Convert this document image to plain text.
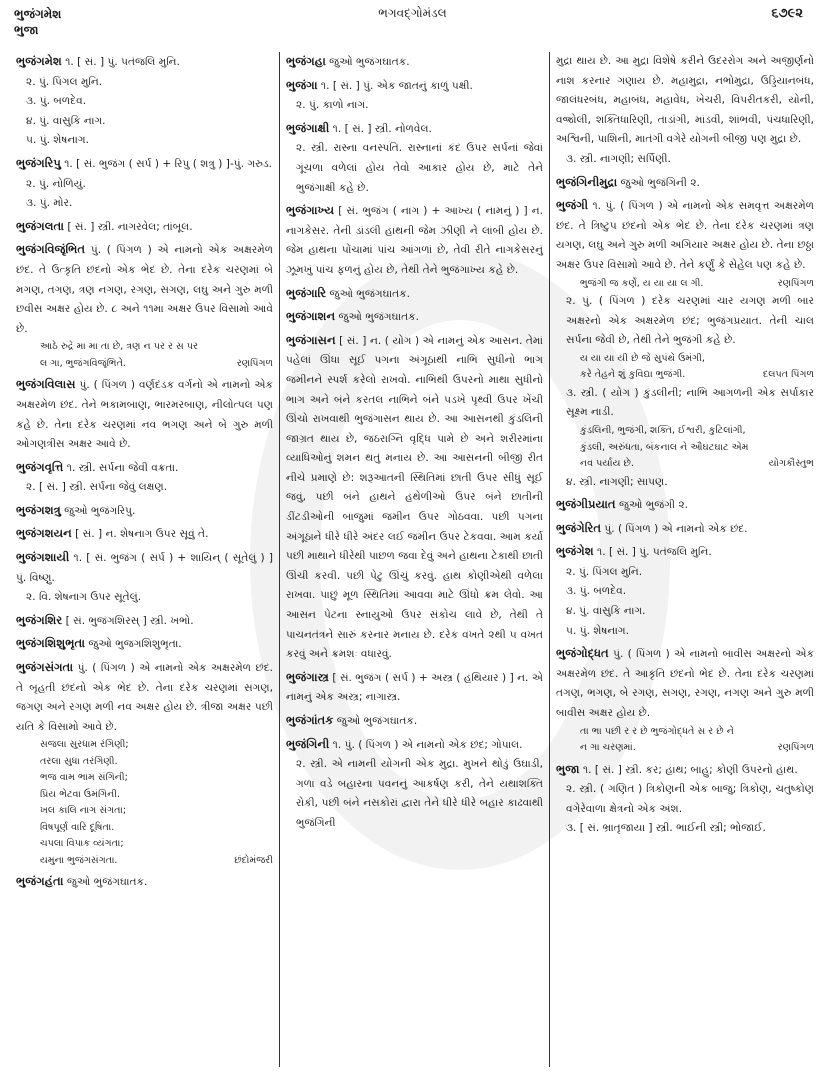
ભુજંગમેશ
ભુજા
ભગવદ્ગોમંડલ	૬૭૯૨
ભુજંગમેશ ૧. [ સં. ] પું. પતંજલિ મુનિ.
૨. પું. પિંગલ મુનિ.
૩. પું. બળદેવ.
૪. પું. વાસુકિ નાગ.
૫. પું. શેષનાગ.
ભુજંગરિપુ ૧. [ સં. ભુજંગ ( સર્પ ) + રિપુ ( શત્રુ ) ]-પું. ગરુડ.
૨. પું. નોળિયું.
૩. પું. મોર.
ભુજંગલતા [ સં. ] સ્ત્રી. નાગરવેલ; તાંબૂલ.
ભુજંગવિજૃંભિત પું. ( પિંગળ ) એ નામનો એક અક્ષરમેળ છંદ. તે ઉત્કૃતિ છંદનો એક ભેદ છે. તેના દરેક ચરણમાં બે મગણ, તગણ, ત્રણ નગણ, રગણ, સગણ, લઘુ અને ગુરુ મળી છવીસ અક્ષર હોય છે. ૮ અને ૧૧મા અક્ષર ઉપર વિસામો આવે છે.
આઠે રુદ્રે મા મા તા છે, ત્રણ ન પર ર સ પર
લ ગા, ભુજંગવિજૃંભિતે.	રણપિંગળ
ભુજંગવિલાસ પું. ( પિંગળ ) વર્ણદંડક વર્ગનો એ નામનો એક અક્ષરમેળ છંદ. તેને ભકામબાણ, ભારમરબાણ, નીલોત્પલ પણ કહે છે. તેના દરેક ચરણમાં નવ ભગણ અને બે ગુરુ મળી ઓગણત્રીસ અક્ષર આવે છે.
ભુજંગવૃત્તિ ૧. સ્ત્રી. સર્પના જેવી વક્રતા.
૨. [ સં. ] સ્ત્રી. સર્પના જેવું લક્ષણ.
ભુજંગશત્રુ જુઓ ભુજંગરિપુ.
ભુજંગશયન [ સં. ] ન. શેષનાગ ઉપર સૂવું તે.
ભુજંગશાયી ૧. [ સં. ભુજંગ ( સર્પ ) + શાયિન્ ( સૂતેલું ) ] પું. વિષ્ણુ.
૨. વિ. શેષનાગ ઉપર સૂતેલું.
ભુજંગશિર [ સં. ભુજંગશિરસ્ ] સ્ત્રી. ખભો.
ભુજંગશિશુભૃતા જુઓ ભુજગશિશુભૃતા.
ભુજંગસંગતા પું. ( પિંગળ ) એ નામનો એક અક્ષરમેળ છંદ. તે બૃહતી છંદનો એક ભેદ છે. તેના દરેક ચરણમાં સગણ, જગણ અને રગણ મળી નવ અક્ષર હોય છે. ત્રીજા અક્ષર પછી યતિ કે વિસામો આવે છે.
સજલા સુરધામ રંગિણી;
તરલા સુધા તરંગિણી.
ભજ વામ ભામ સંગિની;
પ્રિય ભેટવા ઉમંગિની.
ખલ કાલિ નાગ સંગતા;
વિષપૂર્ણ વારિ દૂષિતા.
ચપલા વિપાક વ્યંગતા;
યમુના ભુજંગસંગતા.	છંદોમંજરી
ભુજંગહંતા જુઓ ભુજંગઘાતક.
ભુજંગહા જુઓ ભુજંગઘાતક.
ભુજંગા ૧. [ સં. ] પું. એક જાતનું કાળું પક્ષી.
૨. પું. કાળો નાગ.
ભુજંગાક્ષી ૧. [ સં. ] સ્ત્રી. નોળવેલ.
૨. સ્ત્રી. રાસ્ના વનસ્પતિ. રાસ્નાનાં કંદ ઉપર સર્પનાં જેવાં ગૂંચળા વળેલાં હોય તેવો આકાર હોય છે, માટે તેને ભુજંગાક્ષી કહે છે.
ભુજંગાખ્ય [ સં. ભુજંગ ( નાગ ) + આખ્ય ( નામનું ) ] ન. નાગકેસર. તેની ડાંડલી હાથની જેમ ઝીણી ને લાંબી હોય છે. જેમ હાથના પોંચામાં પાંચ આંગળાં છે, તેવી રીતે નાગકેસરનું ઝૂમખું પાંચ ફળનું હોય છે, તેથી તેને ભુજંગાખ્ય કહે છે.
ભુજંગારિ જુઓ ભુજંગઘાતક.
ભુજંગાશન જુઓ ભુજંગઘાતક.
ભુજંગાસન [ સં. ] ન. ( યોગ ) એ નામનું એક આસન. તેમાં પહેલાં ઊંધા સૂઈ પગના અંગૂઠાથી નાભિ સુધીનો ભાગ જમીનને સ્પર્શ કરેલો રાખવો. નાભિથી ઉપરનો માથા સુધીનો ભાગ અને બંને કરતલ નાભિને બંને પડખે પૃથ્વી ઉપર ખેંચી ઊંચો રાખવાથી ભુજંગાસન થાય છે. આ આસનથી કુંડલિની જાગ્રત થાય છે, જઠરાગ્નિ વૃદ્ધિ પામે છે અને શરીરમાંના વ્યાધિઓનું શમન થતું મનાય છે. આ આસનની બીજી રીત નીચે પ્રમાણે છે: શરૂઆતની સ્થિતિમાં છાતી ઉપર સીધું સૂઈ જવું, પછી બંને હાથને હથેળીઓ ઉપર બંને છાતીની ડીંટડીઓની બાજુમાં જમીન ઉપર ગોઠવવા. પછી પગના અંગૂઠાને ધીરે ધીરે અંદર લઈ જમીન ઉપર ટેકવવા. આમ કર્યા પછી માથાને ધીરેથી પાછળ જવા દેવું અને હાથના ટેકાથી છાતી ઊંચી કરવી. પછી પેટુ ઊંચું કરવું. હાથ કોણીએથી વળેલા રાખવા. પાછું મૂળ સ્થિતિમાં આવવા માટે ઊંધો ક્રમ લેવો. આ આસન પેટના સ્નાયુઓ ઉપર સંકોચ લાવે છે, તેથી તે પાચનતંત્રને સારું કરનાર મનાય છે. દરેક વખતે ૨થી ૫ વખત કરવું અને ક્રમશઃ વધારવું.
ભુજંગાસ્ત્ર [ સં. ભુજંગ ( સર્પ ) + અસ્ત્ર ( હથિયાર ) ] ન. એ નામનું એક અસ્ત્ર; નાગાસ્ત્ર.
ભુજંગાંતક જુઓ ભુજંગઘાતક.
ભુજંગિની ૧. પું. ( પિંગળ ) એ નામનો એક છંદ; ગોપાલ.
૨. સ્ત્રી. એ નામની યોગની એક મુદ્રા. મુખને થોડું ઉઘાડી, ગળા વડે બહારના પવનનું આકર્ષણ કરી, તેને યથાશક્તિ રોકી, પછી બંને નસકોરાં દ્વારા તેને ધીરે ધીરે બહાર કાઢવાથી ભુજંગિની
મુદ્રા થાય છે. આ મુદ્રા વિશેષે કરીને ઉદરરોગ અને અજીર્ણનો નાશ કરનાર ગણાય છે. મહામુદ્રા, નભોમુદ્રા, ઉડ્ડિયાનબંધ, જાલંધરબંધ, મહાબંધ, મહાવેધ, ખેચરી, વિપરીતકરી, યોની, વજ્રોલી, શક્તિધારિણી, તાડાંગી, માંડવી, શાંભવી, પંચધારિણી, અશ્વિની, પાશિની, માતંગી વગેરે યોગની બીજી પણ મુદ્રા છે.
૩. સ્ત્રી. નાગણી; સર્પિણી.
ભુજંગિનીમુદ્રા જુઓ ભુજંગિની ૨.
ભુજંગી ૧. પું. ( પિંગળ ) એ નામનો એક સમવૃત્ત અક્ષરમેળ છંદ. તે ત્રિષ્ટુપ છંદનો એક ભેદ છે. તેના દરેક ચરણમાં ત્રણ યગણ, લઘુ અને ગુરુ મળી અગિયાર અક્ષર હોય છે. તેના છઠ્ઠા અક્ષર ઉપર વિસામો આવે છે. તેને કર્ણું કે સેહેલ પણ કહે છે.
ભુજંગી જ કર્ણે, ય યા યા લ ગી.	રણપિંગળ
૨. પું. ( પિંગળ ) દરેક ચરણમાં ચાર યગણ મળી બાર અક્ષરનો એક અક્ષરમેળ છંદ; ભુજંગપ્રયાત. તેની ચાલ સર્પના જેવી છે, તેથી તેને ભુજંગી કહે છે.
ય યા યા યી છે જે સુપંથે ઉમંગી,
કરે તેહને શું કુવિદ્યા ભુજંગી.	દલપત પિંગળ
૩. સ્ત્રી. ( યોગ ) કુંડલીની; નાભિ આગળની એક સર્પાકાર સૂક્ષ્મ નાડી.
કુંડલિની, ભુજંગી, શક્તિ, ઈશ્વરી, કુટિલાંગી,
કુંડલી, અરુંધતા, બંકનાલ ને ઔઘટઘાટ એમ
નવ પર્યાય છે.	યોગકૌસ્તુભ
૪. સ્ત્રી. નાગણી; સાપણ.
ભુજંગીપ્રયાત જુઓ ભુજંગી ૨.
ભુજંગેરિત પું. ( પિંગળ ) એ નામનો એક છંદ.
ભુજંગેશ ૧. [ સં. ] પું. પતંજલિ મુનિ.
૨. પું. પિંગલ મુનિ.
૩. પું. બળદેવ.
૪. પું. વાસુકિ નાગ.
૫. પું. શેષનાગ.
ભુજંગોદ્ધત પું. ( પિંગળ ) એ નામનો બાવીસ અક્ષરનો એક અક્ષરમેળ છંદ. તે આકૃતિ છંદનો ભેદ છે. તેના દરેક ચરણમાં તગણ, ભગણ, બે રગણ, સગણ, રગણ, નગણ અને ગુરુ મળી બાવીસ અક્ષર હોય છે.
તા ભા પછી ર ર છે ભુજંગોદ્ધતે સ ર છે ને
ન ગા ચરણમાં.	રણપિંગળ
ભુજા ૧. [ સં. ] સ્ત્રી. કર; હાથ; બાહુ; કોણી ઉપરનો હાથ.
૨. સ્ત્રી. ( ગણિત ) ત્રિકોણની એક બાજુ; ત્રિકોણ, ચતુષ્કોણ વગેરેવાળા ક્ષેત્રનો એક અંશ.
૩. [ સં. ભ્રાતૃજાયા ] સ્ત્રી. ભાઈની સ્ત્રી; ભોજાઈ.
